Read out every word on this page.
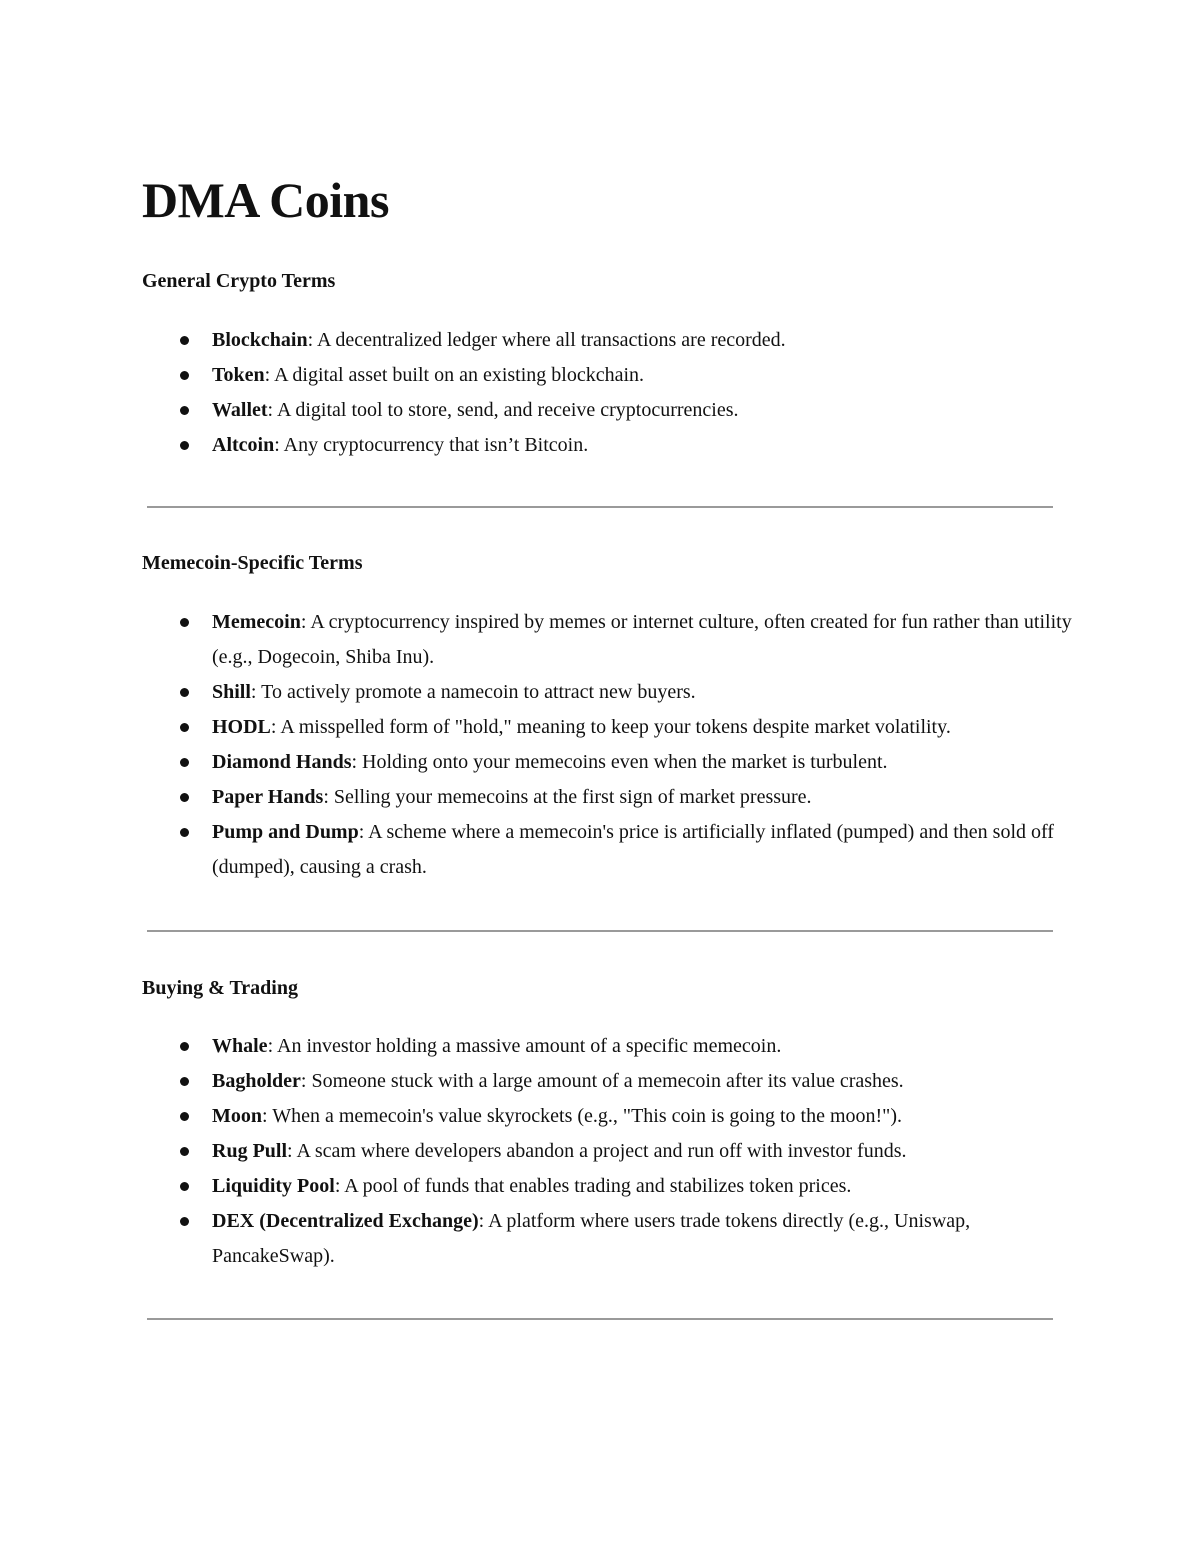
DMA Coins
General Crypto Terms
Blockchain: A decentralized ledger where all transactions are recorded.
Token: A digital asset built on an existing blockchain.
Wallet: A digital tool to store, send, and receive cryptocurrencies.
Altcoin: Any cryptocurrency that isn’t Bitcoin.
Memecoin-Specific Terms
Memecoin: A cryptocurrency inspired by memes or internet culture, often created for fun rather than utility (e.g., Dogecoin, Shiba Inu).
Shill: To actively promote a namecoin to attract new buyers.
HODL: A misspelled form of "hold," meaning to keep your tokens despite market volatility.
Diamond Hands: Holding onto your memecoins even when the market is turbulent.
Paper Hands: Selling your memecoins at the first sign of market pressure.
Pump and Dump: A scheme where a memecoin's price is artificially inflated (pumped) and then sold off (dumped), causing a crash.
Buying & Trading
Whale: An investor holding a massive amount of a specific memecoin.
Bagholder: Someone stuck with a large amount of a memecoin after its value crashes.
Moon: When a memecoin's value skyrockets (e.g., "This coin is going to the moon!").
Rug Pull: A scam where developers abandon a project and run off with investor funds.
Liquidity Pool: A pool of funds that enables trading and stabilizes token prices.
DEX (Decentralized Exchange): A platform where users trade tokens directly (e.g., Uniswap, PancakeSwap).
